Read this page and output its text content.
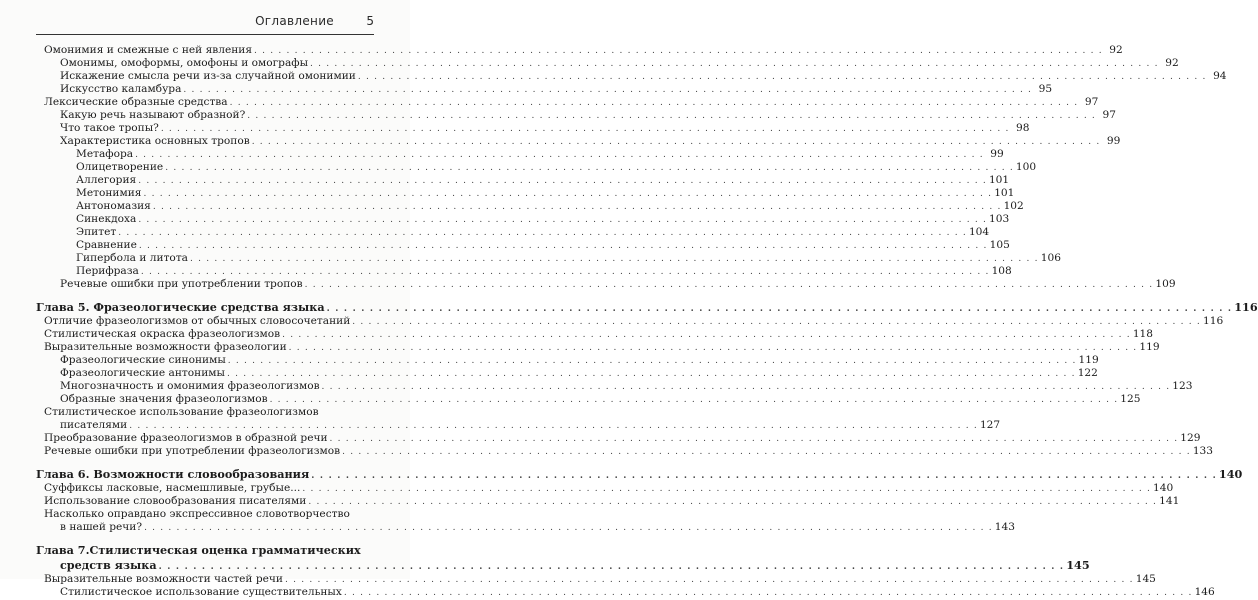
Оглавление	5
Омонимия и смежные с ней явления . . .	92
Омонимы, омоформы, омофоны и омографы . . .	92
Искажение смысла речи из-за случайной омонимии . . .	94
Искусство каламбура . . .	95
Лексические образные средства . . .	97
Какую речь называют образной? . . .	97
Что такое тропы? . . .	98
Характеристика основных тропов . . .	99
Метафора . . .	99
Олицетворение . . .	100
Аллегория . . .	101
Метонимия . . .	101
Антономазия . . .	102
Синекдоха . . .	103
Эпитет . . .	104
Сравнение . . .	105
Гипербола и литота . . .	106
Перифраза . . .	108
Речевые ошибки при употреблении тропов . . .	109
Глава 5. Фразеологические средства языка . . .	116
Отличие фразеологизмов от обычных словосочетаний . . .	116
Стилистическая окраска фразеологизмов . . .	118
Выразительные возможности фразеологии . . .	119
Фразеологические синонимы . . .	119
Фразеологические антонимы . . .	122
Многозначность и омонимия фразеологизмов . . .	123
Образные значения фразеологизмов . . .	125
Стилистическое использование фразеологизмов
писателями . . .	127
Преобразование фразеологизмов в образной речи . . .	129
Речевые ошибки при употреблении фразеологизмов . . .	133
Глава 6. Возможности словообразования . . .	140
Суффиксы ласковые, насмешливые, грубые... . . .	140
Использование словообразования писателями . . .	141
Насколько оправдано экспрессивное словотворчество
в нашей речи? . . .	143
Глава 7.Стилистическая оценка грамматических
средств языка . . .	145
Выразительные возможности частей речи . . .	145
Стилистическое использование существительных . . .	146
